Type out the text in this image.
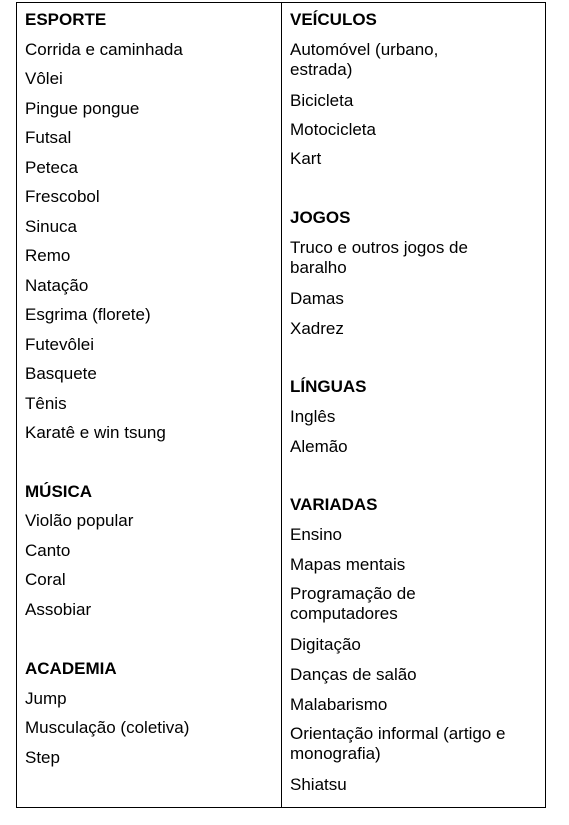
ESPORTE
Corrida e caminhada
Vôlei
Pingue pongue
Futsal
Peteca
Frescobol
Sinuca
Remo
Natação
Esgrima (florete)
Futevôlei
Basquete
Tênis
Karatê e win tsung
MÚSICA
Violão popular
Canto
Coral
Assobiar
ACADEMIA
Jump
Musculação (coletiva)
Step
VEÍCULOS
Automóvel (urbano, estrada)
Bicicleta
Motocicleta
Kart
JOGOS
Truco e outros jogos de baralho
Damas
Xadrez
LÍNGUAS
Inglês
Alemão
VARIADAS
Ensino
Mapas mentais
Programação de computadores
Digitação
Danças de salão
Malabarismo
Orientação informal (artigo e monografia)
Shiatsu
